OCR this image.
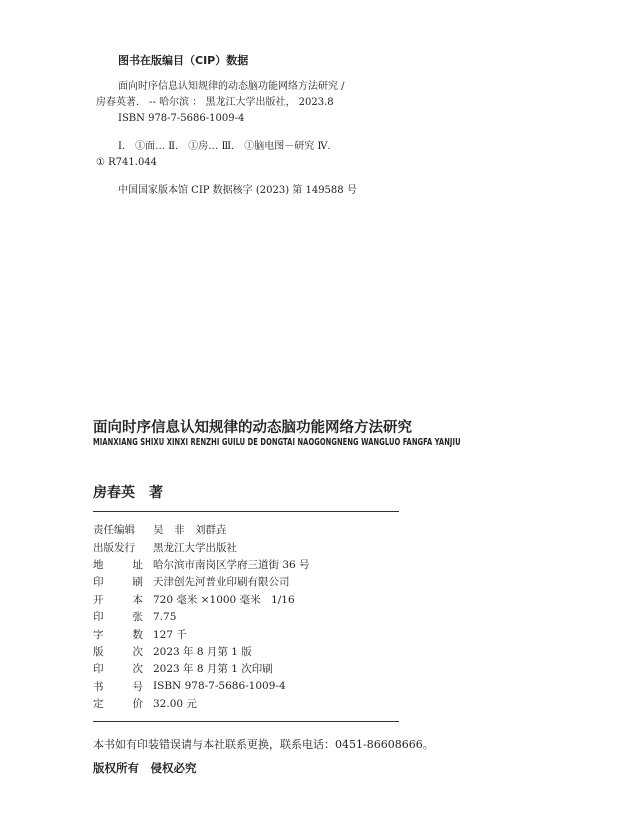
图书在版编目（CIP）数据
面向时序信息认知规律的动态脑功能网络方法研究 /
房春英著． -- 哈尔滨 ： 黑龙江大学出版社， 2023.8
ISBN 978-7-5686-1009-4
Ⅰ． ①面… Ⅱ． ①房… Ⅲ． ①脑电图－研究 Ⅳ．
① R741.044
中国国家版本馆 CIP 数据核字 (2023) 第 149588 号
面向时序信息认知规律的动态脑功能网络方法研究
MIANXIANG SHIXU XINXI RENZHI GUILU DE DONGTAI NAOGONGNENG WANGLUO FANGFA YANJIU
房春英　著
责任编辑	吴　非　刘群垚
出版发行	黑龙江大学出版社
地	址 哈尔滨市南岗区学府三道街 36 号
印	刷 天津创先河普业印刷有限公司
开	本 720 毫米 ×1000 毫米　1/16
印	张 7.75
字	数 127 千
版	次 2023 年 8 月第 1 版
印	次 2023 年 8 月第 1 次印刷
书	号 ISBN 978-7-5686-1009-4
定	价 32.00 元
本书如有印装错误请与本社联系更换，联系电话：0451-86608666。
版权所有　侵权必究
